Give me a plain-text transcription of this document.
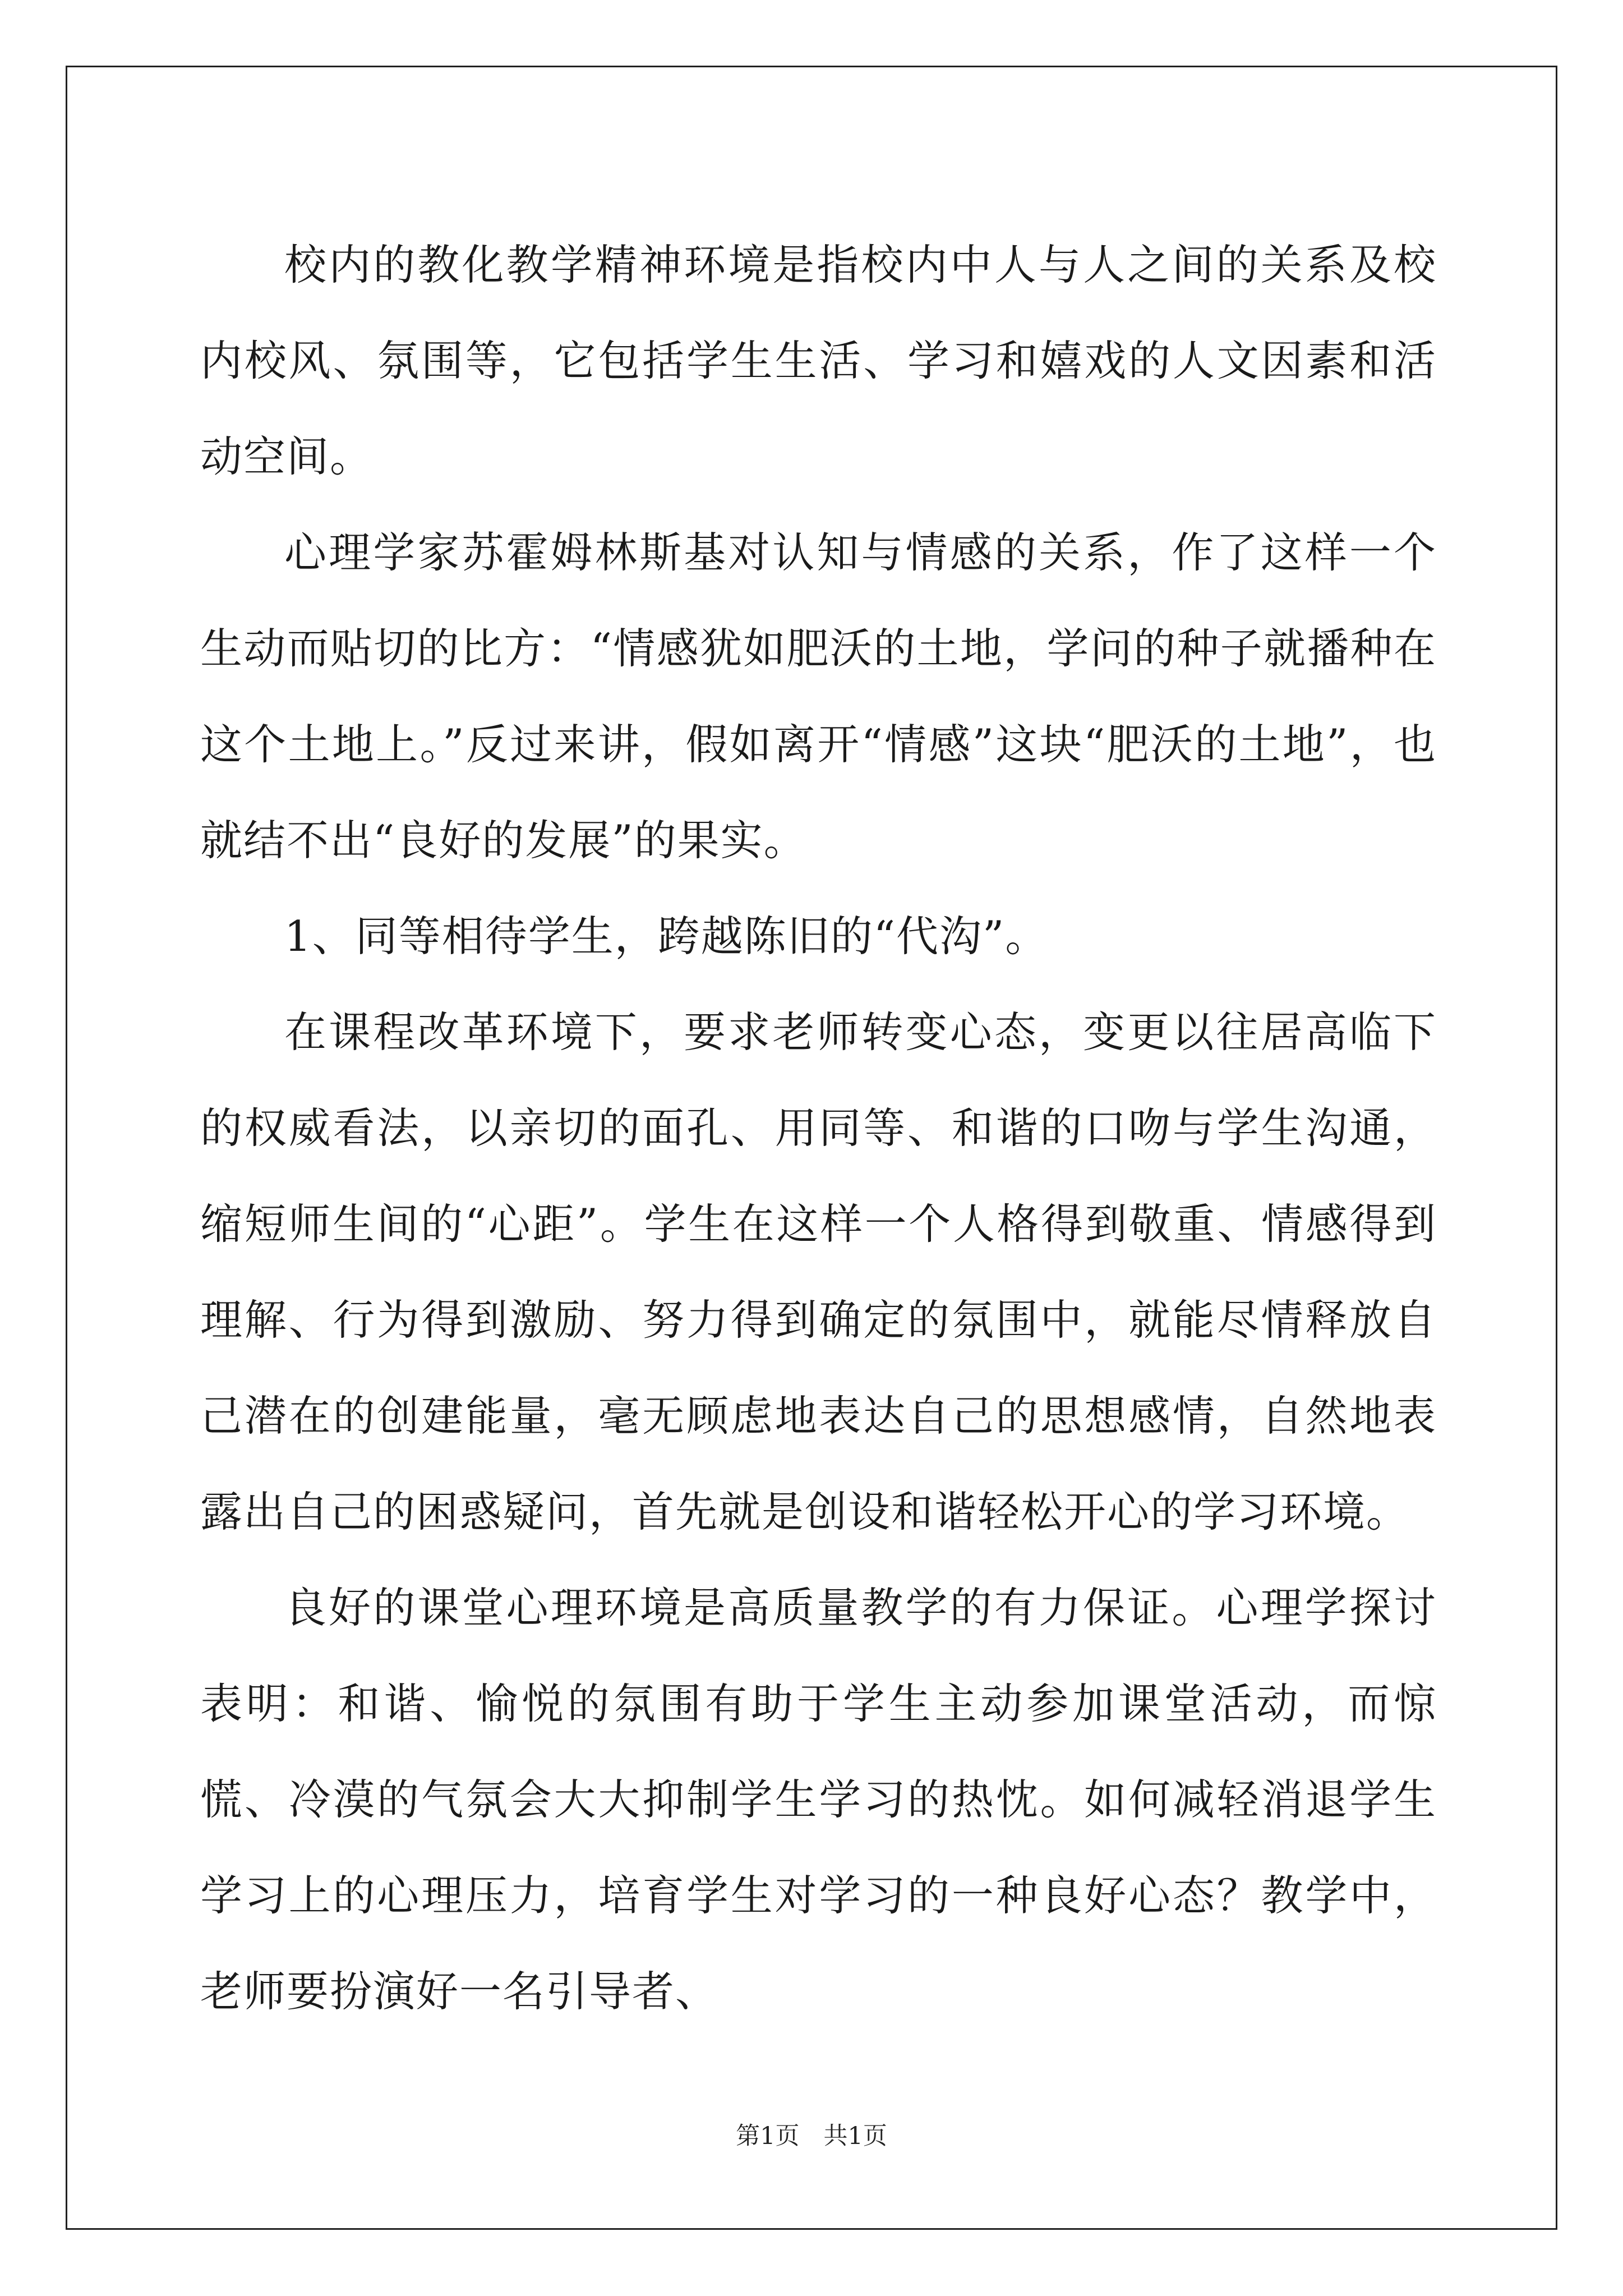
校内的教化教学精神环境是指校内中人与人之间的关系及校内校风、氛围等，它包括学生生活、学习和嬉戏的人文因素和活动空间。

心理学家苏霍姆林斯基对认知与情感的关系，作了这样一个生动而贴切的比方：“情感犹如肥沃的土地，学问的种子就播种在这个土地上。”反过来讲，假如离开“情感”这块“肥沃的土地”，也就结不出“良好的发展”的果实。

1、同等相待学生，跨越陈旧的“代沟”。

在课程改革环境下，要求老师转变心态，变更以往居高临下的权威看法，以亲切的面孔、用同等、和谐的口吻与学生沟通，缩短师生间的“心距”。学生在这样一个人格得到敬重、情感得到理解、行为得到激励、努力得到确定的氛围中，就能尽情释放自己潜在的创建能量，毫无顾虑地表达自己的思想感情，自然地表露出自己的困惑疑问，首先就是创设和谐轻松开心的学习环境。

良好的课堂心理环境是高质量教学的有力保证。心理学探讨表明：和谐、愉悦的氛围有助于学生主动参加课堂活动，而惊慌、冷漠的气氛会大大抑制学生学习的热忱。如何减轻消退学生学习上的心理压力，培育学生对学习的一种良好心态？教学中，老师要扮演好一名引导者、

第1页　共1页
